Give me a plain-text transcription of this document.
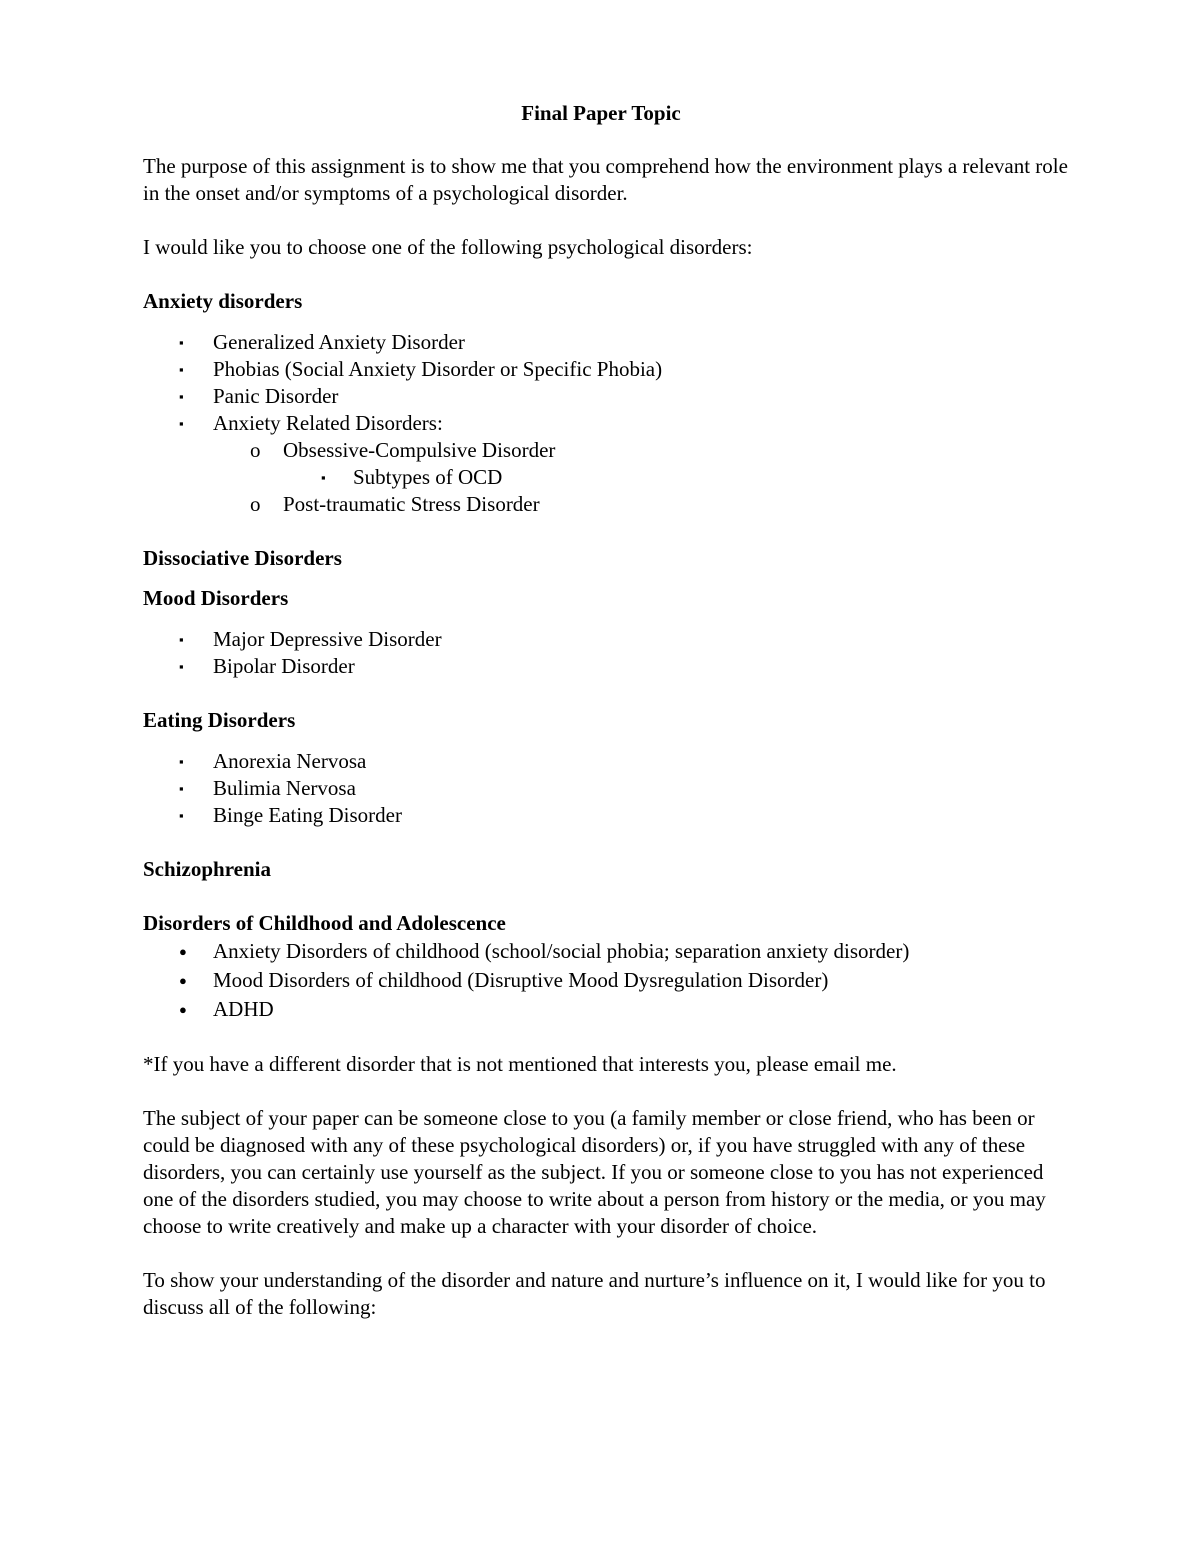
Final Paper Topic

The purpose of this assignment is to show me that you comprehend how the environment plays a relevant role in the onset and/or symptoms of a psychological disorder.

I would like you to choose one of the following psychological disorders:

Anxiety disorders

▪ Generalized Anxiety Disorder
▪ Phobias (Social Anxiety Disorder or Specific Phobia)
▪ Panic Disorder
▪ Anxiety Related Disorders:
o Obsessive-Compulsive Disorder
▪ Subtypes of OCD
o Post-traumatic Stress Disorder

Dissociative Disorders

Mood Disorders

▪ Major Depressive Disorder
▪ Bipolar Disorder

Eating Disorders

▪ Anorexia Nervosa
▪ Bulimia Nervosa
▪ Binge Eating Disorder

Schizophrenia

Disorders of Childhood and Adolescence

● Anxiety Disorders of childhood (school/social phobia; separation anxiety disorder)
● Mood Disorders of childhood (Disruptive Mood Dysregulation Disorder)
● ADHD

*If you have a different disorder that is not mentioned that interests you, please email me.

The subject of your paper can be someone close to you (a family member or close friend, who has been or could be diagnosed with any of these psychological disorders) or, if you have struggled with any of these disorders, you can certainly use yourself as the subject. If you or someone close to you has not experienced one of the disorders studied, you may choose to write about a person from history or the media, or you may choose to write creatively and make up a character with your disorder of choice.

To show your understanding of the disorder and nature and nurture’s influence on it, I would like for you to discuss all of the following:
